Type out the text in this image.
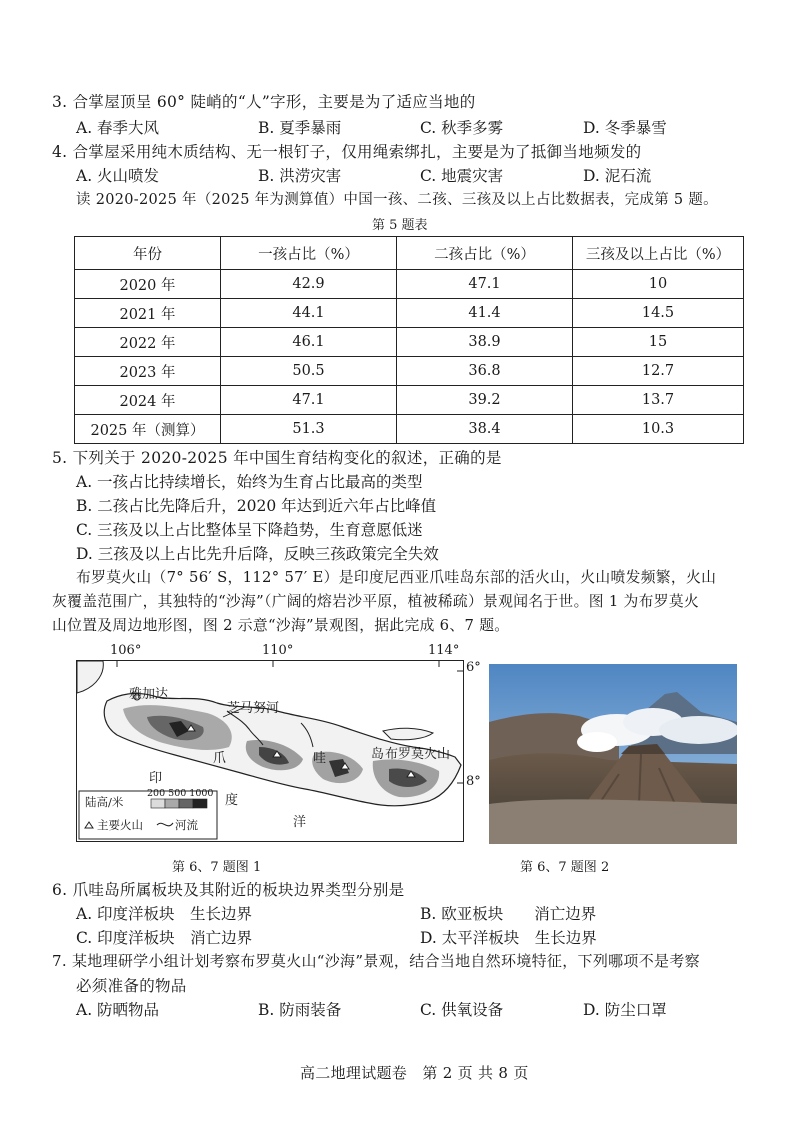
3. 合掌屋顶呈 60° 陡峭的“人”字形，主要是为了适应当地的
A. 春季大风	B. 夏季暴雨	C. 秋季多雾	D. 冬季暴雪
4. 合掌屋采用纯木质结构、无一根钉子，仅用绳索绑扎，主要是为了抵御当地频发的
A. 火山喷发	B. 洪涝灾害	C. 地震灾害	D. 泥石流
读 2020-2025 年（2025 年为测算值）中国一孩、二孩、三孩及以上占比数据表，完成第 5 题。
第 5 题表
年份	一孩占比（%）	二孩占比（%）	三孩及以上占比（%）
2020 年	42.9	47.1	10
2021 年	44.1	41.4	14.5
2022 年	46.1	38.9	15
2023 年	50.5	36.8	12.7
2024 年	47.1	39.2	13.7
2025 年（测算）	51.3	38.4	10.3
5. 下列关于 2020-2025 年中国生育结构变化的叙述，正确的是
A. 一孩占比持续增长，始终为生育占比最高的类型
B. 二孩占比先降后升，2020 年达到近六年占比峰值
C. 三孩及以上占比整体呈下降趋势，生育意愿低迷
D. 三孩及以上占比先升后降，反映三孩政策完全失效
布罗莫火山（7° 56′ S，112° 57′ E）是印度尼西亚爪哇岛东部的活火山，火山喷发频繁，火山
灰覆盖范围广，其独特的“沙海”（广阔的熔岩沙平原，植被稀疏）景观闻名于世。图 1 为布罗莫火
山位置及周边地形图，图 2 示意“沙海”景观图，据此完成 6、7 题。
106°	110°	114°
6°
8°
雅加达
芝马努河
爪	哇	岛 布罗莫火山
印
度
洋
陆高/米
200 500 1000
主要火山	河流
第 6、7 题图 1	第 6、7 题图 2
6. 爪哇岛所属板块及其附近的板块边界类型分别是
A. 印度洋板块　生长边界	B. 欧亚板块　　消亡边界
C. 印度洋板块　消亡边界	D. 太平洋板块　生长边界
7. 某地理研学小组计划考察布罗莫火山“沙海”景观，结合当地自然环境特征，下列哪项不是考察
必须准备的物品
A. 防晒物品	B. 防雨装备	C. 供氧设备	D. 防尘口罩
高二地理试题卷　第 2 页 共 8 页
